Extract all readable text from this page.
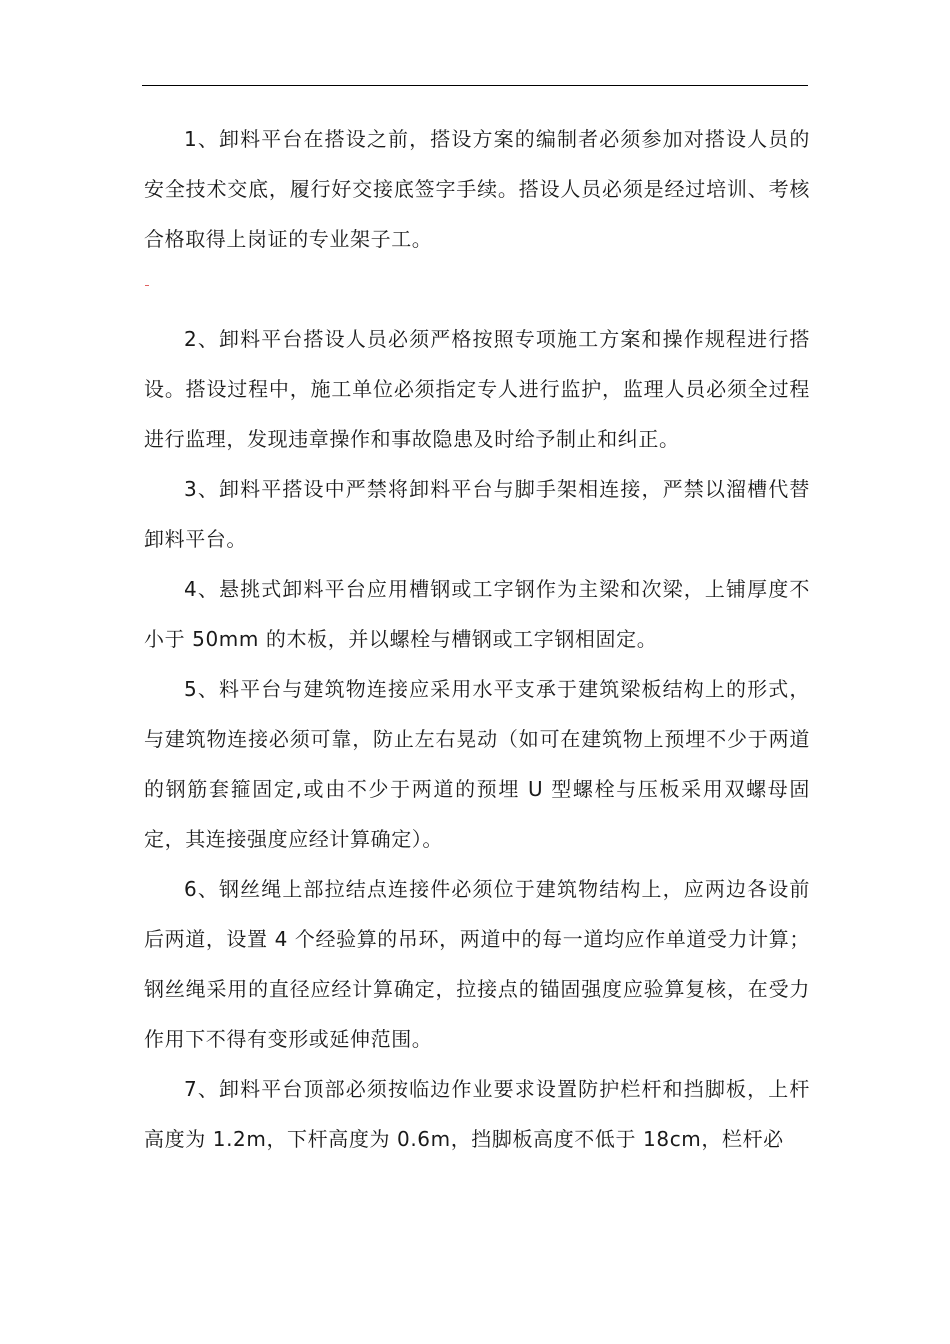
1、卸料平台在搭设之前，搭设方案的编制者必须参加对搭设人员的安全技术交底，履行好交接底签字手续。搭设人员必须是经过培训、考核合格取得上岗证的专业架子工。

2、卸料平台搭设人员必须严格按照专项施工方案和操作规程进行搭设。搭设过程中，施工单位必须指定专人进行监护，监理人员必须全过程进行监理，发现违章操作和事故隐患及时给予制止和纠正。

3、卸料平搭设中严禁将卸料平台与脚手架相连接，严禁以溜槽代替卸料平台。

4、悬挑式卸料平台应用槽钢或工字钢作为主梁和次梁，上铺厚度不小于 50mm 的木板，并以螺栓与槽钢或工字钢相固定。

5、料平台与建筑物连接应采用水平支承于建筑梁板结构上的形式，与建筑物连接必须可靠，防止左右晃动（如可在建筑物上预埋不少于两道的钢筋套箍固定,或由不少于两道的预埋 U 型螺栓与压板采用双螺母固定，其连接强度应经计算确定）。

6、钢丝绳上部拉结点连接件必须位于建筑物结构上，应两边各设前后两道，设置 4 个经验算的吊环，两道中的每一道均应作单道受力计算；钢丝绳采用的直径应经计算确定，拉接点的锚固强度应验算复核，在受力作用下不得有变形或延伸范围。

7、卸料平台顶部必须按临边作业要求设置防护栏杆和挡脚板，上杆高度为 1.2m，下杆高度为 0.6m，挡脚板高度不低于 18cm，栏杆必
